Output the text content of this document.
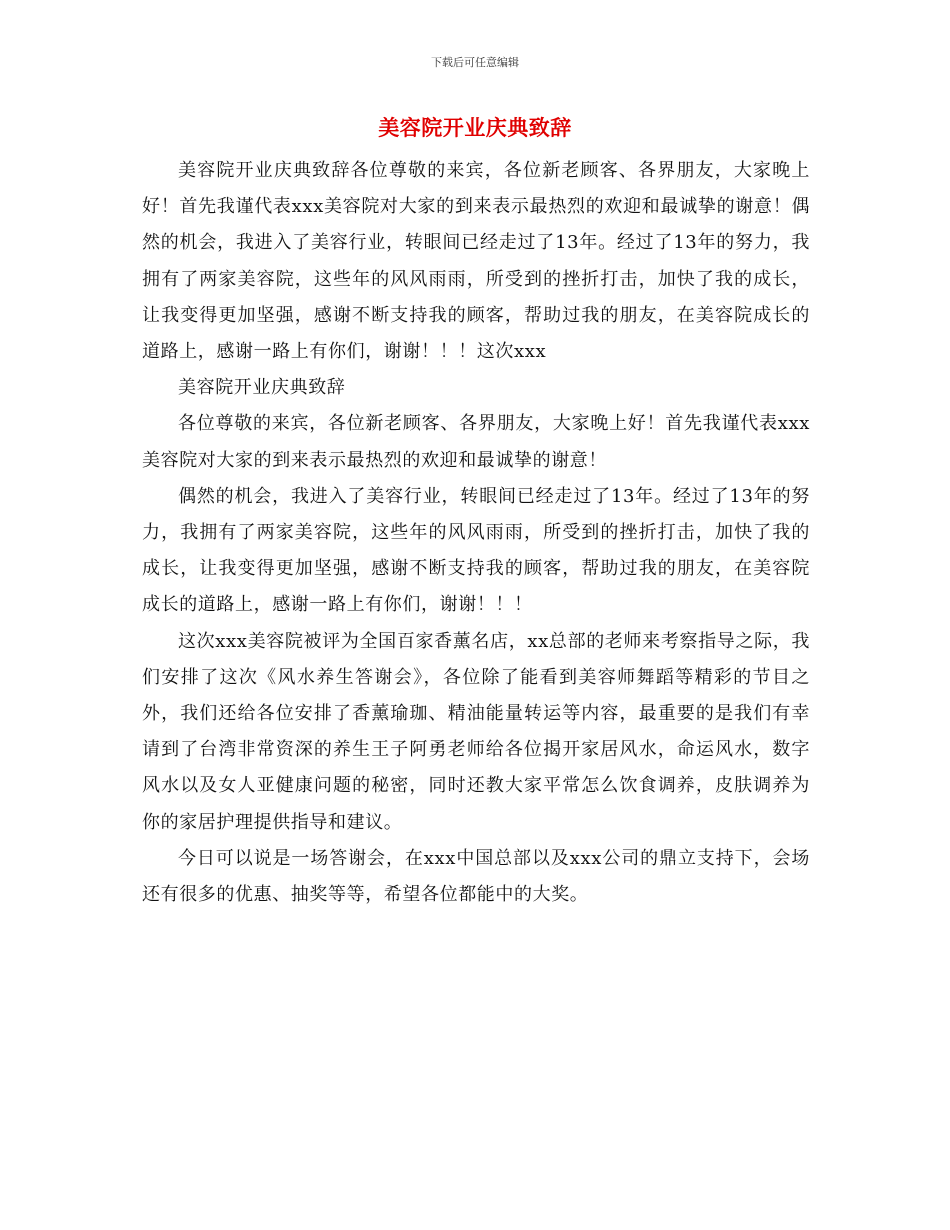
下载后可任意编辑
美容院开业庆典致辞

美容院开业庆典致辞各位尊敬的来宾，各位新老顾客、各界朋友，大家晚上好！首先我谨代表xxx美容院对大家的到来表示最热烈的欢迎和最诚挚的谢意！偶然的机会，我进入了美容行业，转眼间已经走过了13年。经过了13年的努力，我拥有了两家美容院，这些年的风风雨雨，所受到的挫折打击，加快了我的成长，让我变得更加坚强，感谢不断支持我的顾客，帮助过我的朋友，在美容院成长的道路上，感谢一路上有你们，谢谢！！！这次xxx

美容院开业庆典致辞

各位尊敬的来宾，各位新老顾客、各界朋友，大家晚上好！首先我谨代表xxx美容院对大家的到来表示最热烈的欢迎和最诚挚的谢意！

偶然的机会，我进入了美容行业，转眼间已经走过了13年。经过了13年的努力，我拥有了两家美容院，这些年的风风雨雨，所受到的挫折打击，加快了我的成长，让我变得更加坚强，感谢不断支持我的顾客，帮助过我的朋友，在美容院成长的道路上，感谢一路上有你们，谢谢！！！

这次xxx美容院被评为全国百家香薰名店，xx总部的老师来考察指导之际，我们安排了这次《风水养生答谢会》，各位除了能看到美容师舞蹈等精彩的节目之外，我们还给各位安排了香薰瑜珈、精油能量转运等内容，最重要的是我们有幸请到了台湾非常资深的养生王子阿勇老师给各位揭开家居风水，命运风水，数字风水以及女人亚健康问题的秘密，同时还教大家平常怎么饮食调养，皮肤调养为你的家居护理提供指导和建议。

今日可以说是一场答谢会，在xxx中国总部以及xxx公司的鼎立支持下，会场还有很多的优惠、抽奖等等，希望各位都能中的大奖。
